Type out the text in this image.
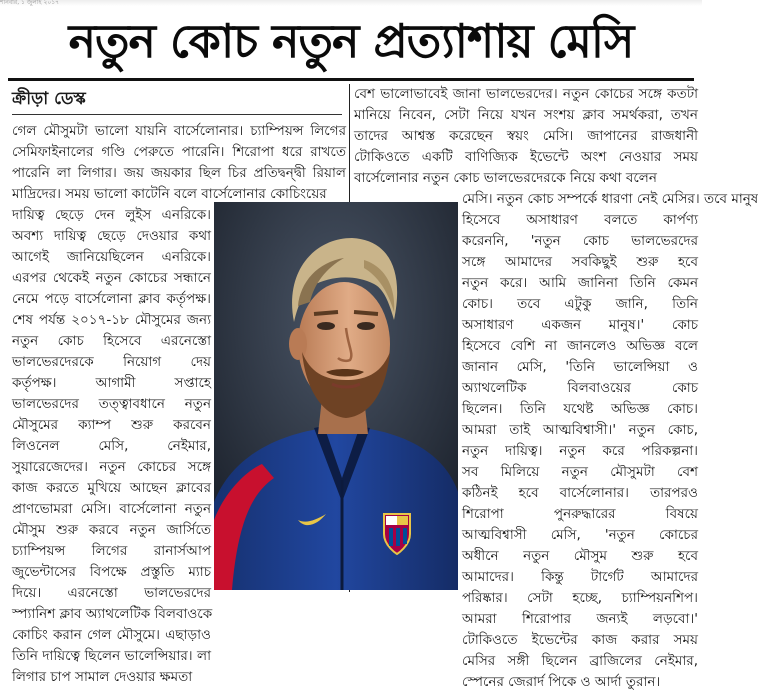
শনিবার, ১ জুলাই ২০১৭
নতুন কোচ নতুন প্রত্যাশায় মেসি
ক্রীড়া ডেস্ক
গেল মৌসুমটা ভালো যায়নি বার্সেলোনার। চ্যাম্পিয়ন্স লিগের
সেমিফাইনালের গণ্ডি পেরুতে পারেনি। শিরোপা ধরে রাখতে
পারেনি লা লিগার। জয় জয়কার ছিল চির প্রতিদ্বন্দ্বী রিয়াল
মাদ্রিদের। সময় ভালো কাটেনি বলে বার্সেলোনার কোচিংয়ের
দায়িত্ব ছেড়ে দেন লুইস এনরিকে।
অবশ্য দায়িত্ব ছেড়ে দেওয়ার কথা
আগেই জানিয়েছিলেন এনরিকে।
এরপর থেকেই নতুন কোচের সন্ধানে
নেমে পড়ে বার্সেলোনা ক্লাব কর্তৃপক্ষ।
শেষ পর্যন্ত ২০১৭-১৮ মৌসুমের জন্য
নতুন কোচ হিসেবে এরনেস্তো
ভালভেরদেরকে নিয়োগ দেয়
কর্তৃপক্ষ। আগামী সপ্তাহে
ভালভেরদের তত্ত্বাবধানে নতুন
মৌসুমের ক্যাম্প শুরু করবেন
লিওনেল মেসি, নেইমার,
সুয়ারেজেদের। নতুন কোচের সঙ্গে
কাজ করতে মুখিয়ে আছেন ক্লাবের
প্রাণভোমরা মেসি। বার্সেলোনা নতুন
মৌসুম শুরু করবে নতুন জার্সিতে
চ্যাম্পিয়ন্স লিগের রানার্সআপ
জুভেন্টাসের বিপক্ষে প্রস্তুতি ম্যাচ
দিয়ে। এরনেস্তো ভালভেরদের
স্প্যানিশ ক্লাব অ্যাথলেটিক বিলবাওকে
কোচিং করান গেল মৌসুমে। এছাড়াও
তিনি দায়িত্বে ছিলেন ভালেন্সিয়ার। লা
লিগার চাপ সামাল দেওয়ার ক্ষমতা
বেশ ভালোভাবেই জানা ভালভেরদের। নতুন কোচের সঙ্গে কতটা
মানিয়ে নিবেন, সেটা নিয়ে যখন সংশয় ক্লাব সমর্থকরা, তখন
তাদের আশ্বস্ত করেছেন স্বয়ং মেসি। জাপানের রাজধানী
টোকিওতে একটি বাণিজ্যিক ইভেন্টে অংশ নেওয়ার সময়
বার্সেলোনার নতুন কোচ ভালভেরদেরকে নিয়ে কথা বলেন
মেসি। নতুন কোচ সম্পর্কে ধারণা নেই মেসির। তবে মানুষ
হিসেবে অসাধারণ বলতে কার্পণ্য
করেননি, 'নতুন কোচ ভালভেরদের
সঙ্গে আমাদের সবকিছুই শুরু হবে
নতুন করে। আমি জানিনা তিনি কেমন
কোচ। তবে এটুকু জানি, তিনি
অসাধারণ একজন মানুষ।' কোচ
হিসেবে বেশি না জানলেও অভিজ্ঞ বলে
জানান মেসি, 'তিনি ভালেন্সিয়া ও
অ্যাথলেটিক বিলবাওয়ের কোচ
ছিলেন। তিনি যথেষ্ট অভিজ্ঞ কোচ।
আমরা তাই আত্মবিশ্বাসী।' নতুন কোচ,
নতুন দায়িত্ব। নতুন করে পরিকল্পনা।
সব মিলিয়ে নতুন মৌসুমটা বেশ
কঠিনই হবে বার্সেলোনার। তারপরও
শিরোপা পুনরুদ্ধারের বিষয়ে
আত্মবিশ্বাসী মেসি, 'নতুন কোচের
অধীনে নতুন মৌসুম শুরু হবে
আমাদের। কিন্তু টার্গেট আমাদের
পরিষ্কার। সেটা হচ্ছে, চ্যাম্পিয়নশিপ।
আমরা শিরোপার জন্যই লড়বো।'
টোকিওতে ইভেন্টের কাজ করার সময়
মেসির সঙ্গী ছিলেন ব্রাজিলের নেইমার,
স্পেনের জেরার্দ পিকে ও আর্দা তুরান।
